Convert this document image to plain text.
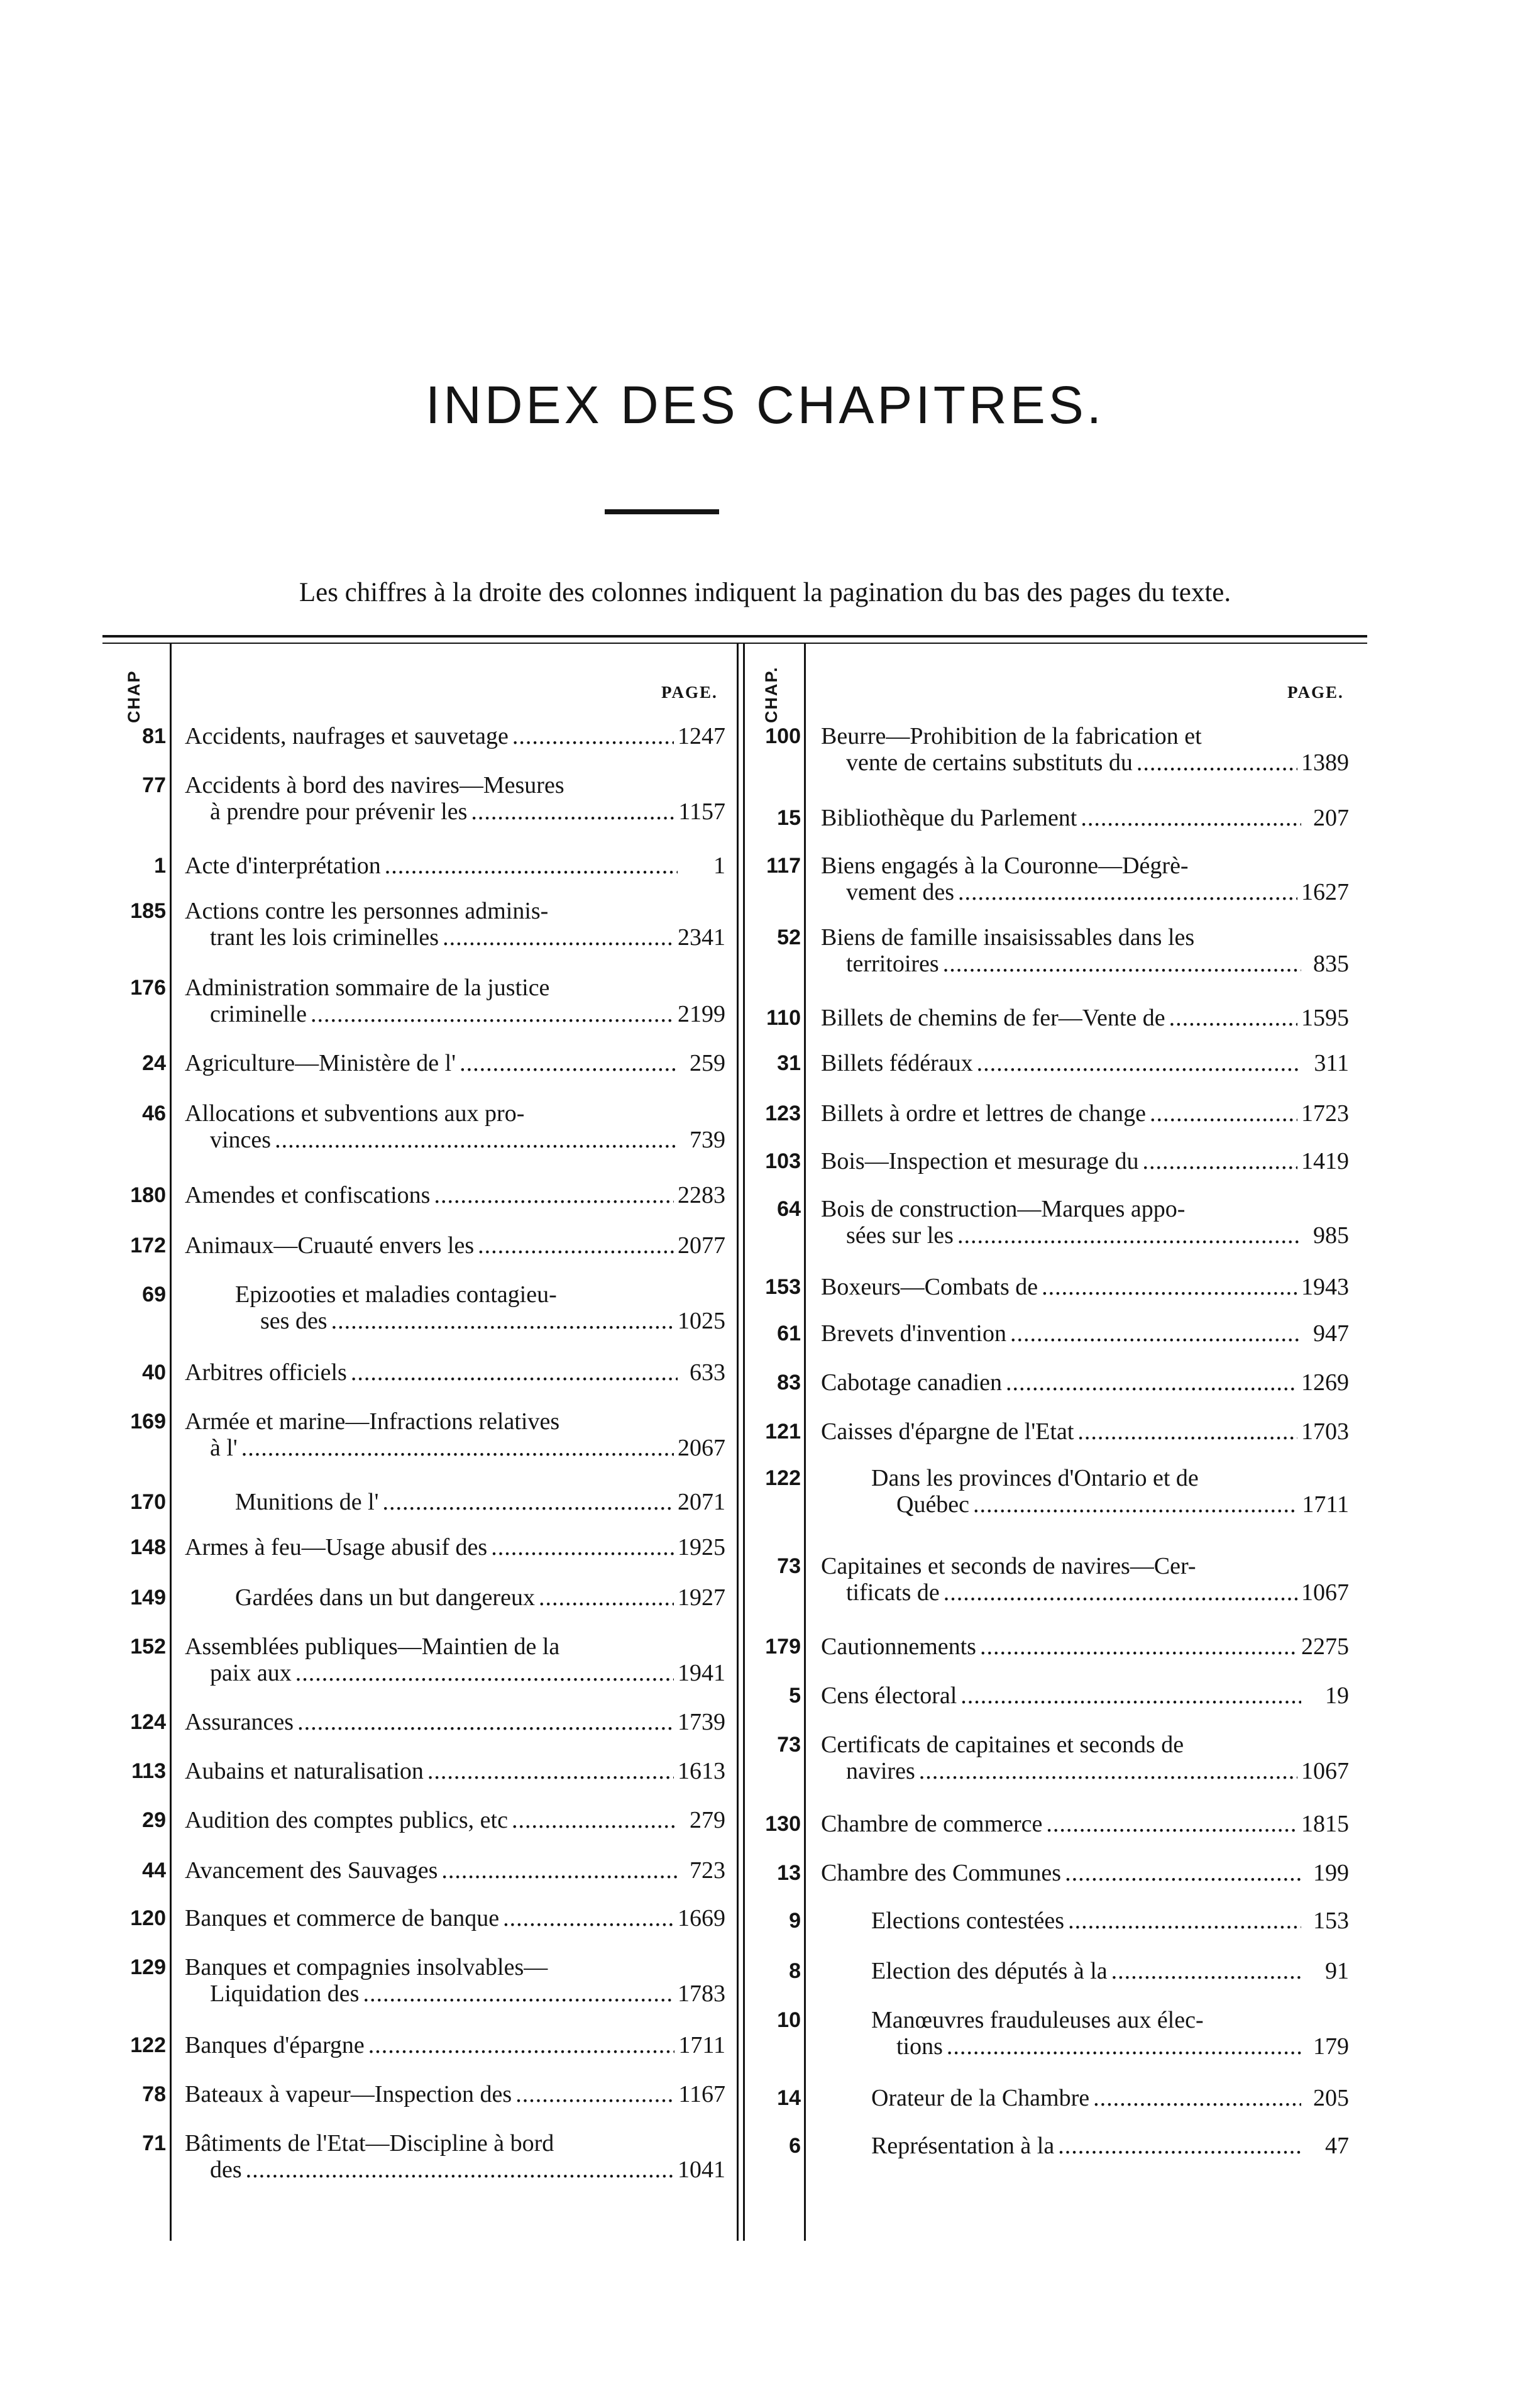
INDEX DES CHAPITRES.
Les chiffres à la droite des colonnes indiquent la pagination du bas des pages du texte.
CHAP	PAGE.	CHAP.	PAGE.
81 Accidents, naufrages et sauvetage .....	1247
77 Accidents à bord des navires—Mesures
à prendre pour prévenir les .....	1157
1 Acte d'interprétation .....	1
185 Actions contre les personnes adminis-
trant les lois criminelles .....	2341
176 Administration sommaire de la justice
criminelle .....	2199
24 Agriculture—Ministère de l' .....	259
46 Allocations et subventions aux pro-
vinces .....	739
180 Amendes et confiscations .....	2283
172 Animaux—Cruauté envers les .....	2077
69	Epizooties et maladies contagieu-
ses des .....	1025
40 Arbitres officiels .....	633
169 Armée et marine—Infractions relatives
à l' .....	2067
170	Munitions de l' .....	2071
148 Armes à feu—Usage abusif des .....	1925
149	Gardées dans un but dangereux .....	1927
152 Assemblées publiques—Maintien de la
paix aux .....	1941
124 Assurances .....	1739
113 Aubains et naturalisation .....	1613
29 Audition des comptes publics, etc .....	279
44 Avancement des Sauvages .....	723
120 Banques et commerce de banque .....	1669
129 Banques et compagnies insolvables—
Liquidation des .....	1783
122 Banques d'épargne .....	1711
78 Bateaux à vapeur—Inspection des .....	1167
71 Bâtiments de l'Etat—Discipline à bord
des .....	1041
100 Beurre—Prohibition de la fabrication et
vente de certains substituts du .....	1389
15 Bibliothèque du Parlement .....	207
117 Biens engagés à la Couronne—Dégrè-
vement des .....	1627
52 Biens de famille insaisissables dans les
territoires .....	835
110 Billets de chemins de fer—Vente de .....	1595
31 Billets fédéraux .....	311
123 Billets à ordre et lettres de change .....	1723
103 Bois—Inspection et mesurage du .....	1419
64 Bois de construction—Marques appo-
sées sur les .....	985
153 Boxeurs—Combats de .....	1943
61 Brevets d'invention .....	947
83 Cabotage canadien .....	1269
121 Caisses d'épargne de l'Etat .....	1703
122	Dans les provinces d'Ontario et de
Québec .....	1711
73 Capitaines et seconds de navires—Cer-
tificats de .....	1067
179 Cautionnements .....	2275
5 Cens électoral .....	19
73 Certificats de capitaines et seconds de
navires .....	1067
130 Chambre de commerce .....	1815
13 Chambre des Communes .....	199
9	Elections contestées .....	153
8	Election des députés à la .....	91
10	Manœuvres frauduleuses aux élec-
tions .....	179
14	Orateur de la Chambre .....	205
6	Représentation à la .....	47
